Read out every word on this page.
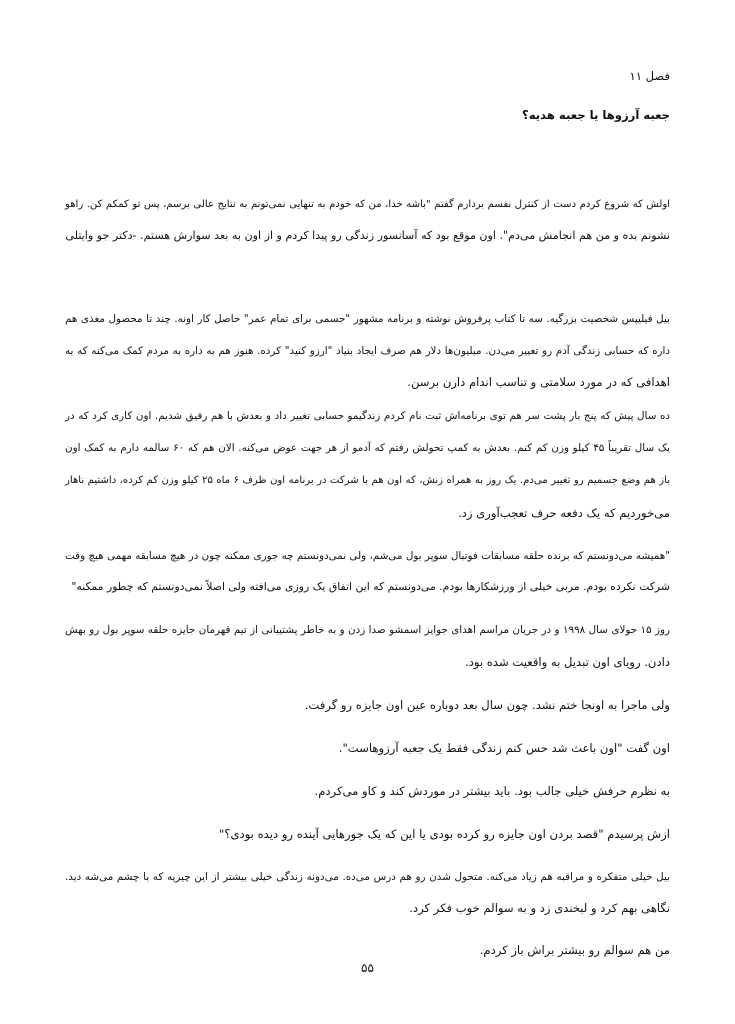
فصل ۱۱
جعبه آرزوها یا جعبه هدیه؟
اولش که شروع کردم دست از کنترل نفسم بردارم گفتم "باشه خدا، من که خودم به تنهایی نمی‌تونم به نتایج عالی برسم، پس تو کمکم کن. راهو
نشونم بده و من هم انجامش می‌دم". اون موقع بود که آسانسور زندگی رو پیدا کردم و از اون به بعد سوارش هستم. -دکتر جو وایتلی
بیل فیلیپس شخصیت بزرگیه. سه تا کتاب پرفروش نوشته و برنامه مشهور "جسمی برای تمام عمر" حاصل کار اونه. چند تا محصول مغذی هم
داره که حسابی زندگی آدم رو تغییر می‌دن. میلیون‌ها دلار هم صرف ایجاد بنیاد "ارزو کنید" کرده. هنوز هم به داره به مردم کمک می‌کنه که به
اهدافی که در مورد سلامتی و تناسب اندام دارن برسن.
ده سال پیش که پنج بار پشت سر هم توی برنامه‌اش ثبت نام کردم زندگیمو حسابی تغییر داد و بعدش با هم رفیق شدیم. اون کاری کرد که در
یک سال تقریباً ۴۵ کیلو وزن کم کنم. بعدش به کمپ تحولش رفتم که آدمو از هر جهت عوض می‌کنه. الان هم که ۶۰ سالمه دارم به کمک اون
باز هم وضع جسمیم رو تغییر می‌دم. یک روز به همراه زنش، که اون هم با شرکت در برنامه اون ظرف ۶ ماه ۲۵ کیلو وزن کم کرده، داشتیم ناهار
می‌خوردیم که یک دفعه حرف تعجب‌آوری زد.
"همیشه می‌دونستم که برنده حلقه مسابقات فوتبال سوپر بول می‌شم، ولی نمی‌دونستم چه جوری ممکنه چون در هیچ مسابقه مهمی هیچ وقت
شرکت نکرده بودم. مربی خیلی از ورزشکارها بودم. می‌دونستم که این اتفاق یک روزی می‌افته ولی اصلاً نمی‌دونستم که چطور ممکنه"
روز ۱۵ جولای سال ۱۹۹۸ و در جریان مراسم اهدای جوایز اسمشو صدا زدن و به خاطر پشتیبانی از تیم قهرمان جایزه حلقه سوپر بول رو بهش
دادن. رویای اون تبدیل به واقعیت شده بود.
ولی ماجرا به اونجا ختم نشد. چون سال بعد دوباره عین اون جایزه رو گرفت.
اون گفت "اون باعث شد حس کنم زندگی فقط یک جعبه آرزوهاست".
به نظرم حرفش خیلی جالب بود. باید بیشتر در موردش کند و کاو می‌کردم.
ازش پرسیدم "قصد بردن اون جایزه رو کرده بودی یا این که یک جورهایی آینده رو دیده بودی؟"
بیل خیلی متفکره و مراقبه هم زیاد می‌کنه. متحول شدن رو هم درس می‌ده. می‌دونه زندگی خیلی بیشتر از این چیزیه که با چشم می‌شه دید.
نگاهی بهم کرد و لبخندی زد و به سوالم خوب فکر کرد.
من هم سوالم رو بیشتر براش باز کردم.
۵۵
